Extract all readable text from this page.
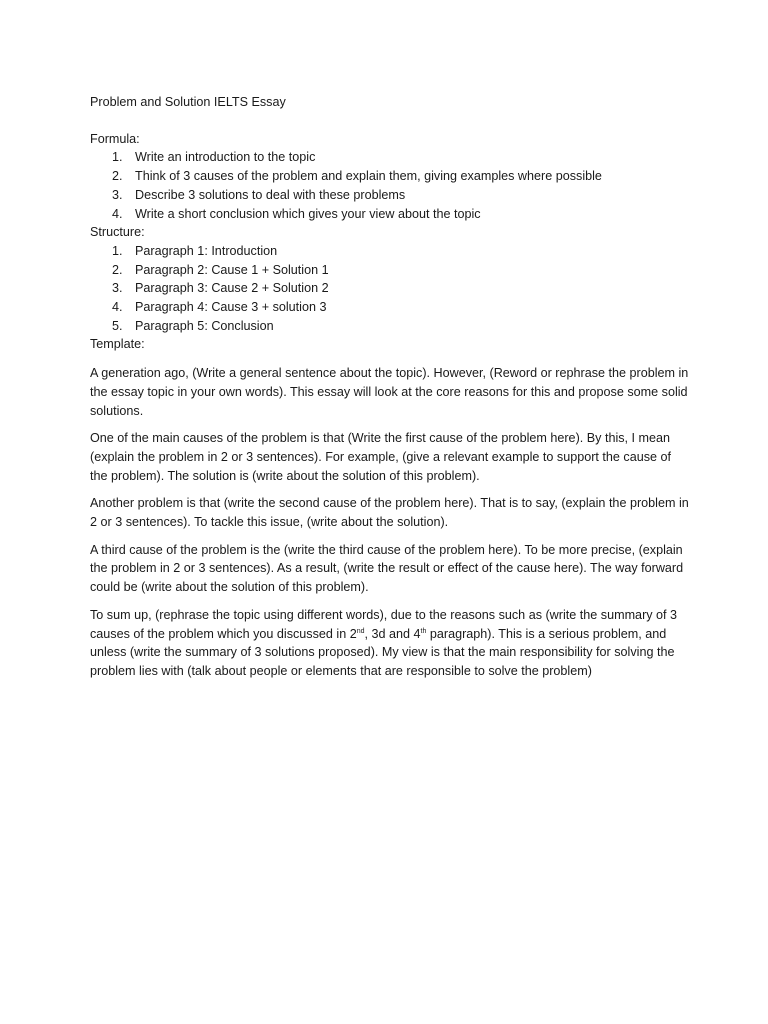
Problem and Solution IELTS Essay
Formula:
1. Write an introduction to the topic
2. Think of 3 causes of the problem and explain them, giving examples where possible
3. Describe 3 solutions to deal with these problems
4. Write a short conclusion which gives your view about the topic
Structure:
1. Paragraph 1: Introduction
2. Paragraph 2: Cause 1 + Solution 1
3. Paragraph 3: Cause 2 + Solution 2
4. Paragraph 4: Cause 3 + solution 3
5. Paragraph 5: Conclusion
Template:

A generation ago, (Write a general sentence about the topic). However, (Reword or rephrase the problem in the essay topic in your own words). This essay will look at the core reasons for this and propose some solid solutions.

One of the main causes of the problem is that (Write the first cause of the problem here). By this, I mean (explain the problem in 2 or 3 sentences). For example, (give a relevant example to support the cause of the problem). The solution is (write about the solution of this problem).

Another problem is that (write the second cause of the problem here). That is to say, (explain the problem in 2 or 3 sentences). To tackle this issue, (write about the solution).

A third cause of the problem is the (write the third cause of the problem here). To be more precise, (explain the problem in 2 or 3 sentences). As a result, (write the result or effect of the cause here). The way forward could be (write about the solution of this problem).

To sum up, (rephrase the topic using different words), due to the reasons such as (write the summary of 3 causes of the problem which you discussed in 2nd, 3d and 4th paragraph). This is a serious problem, and unless (write the summary of 3 solutions proposed). My view is that the main responsibility for solving the problem lies with (talk about people or elements that are responsible to solve the problem)
